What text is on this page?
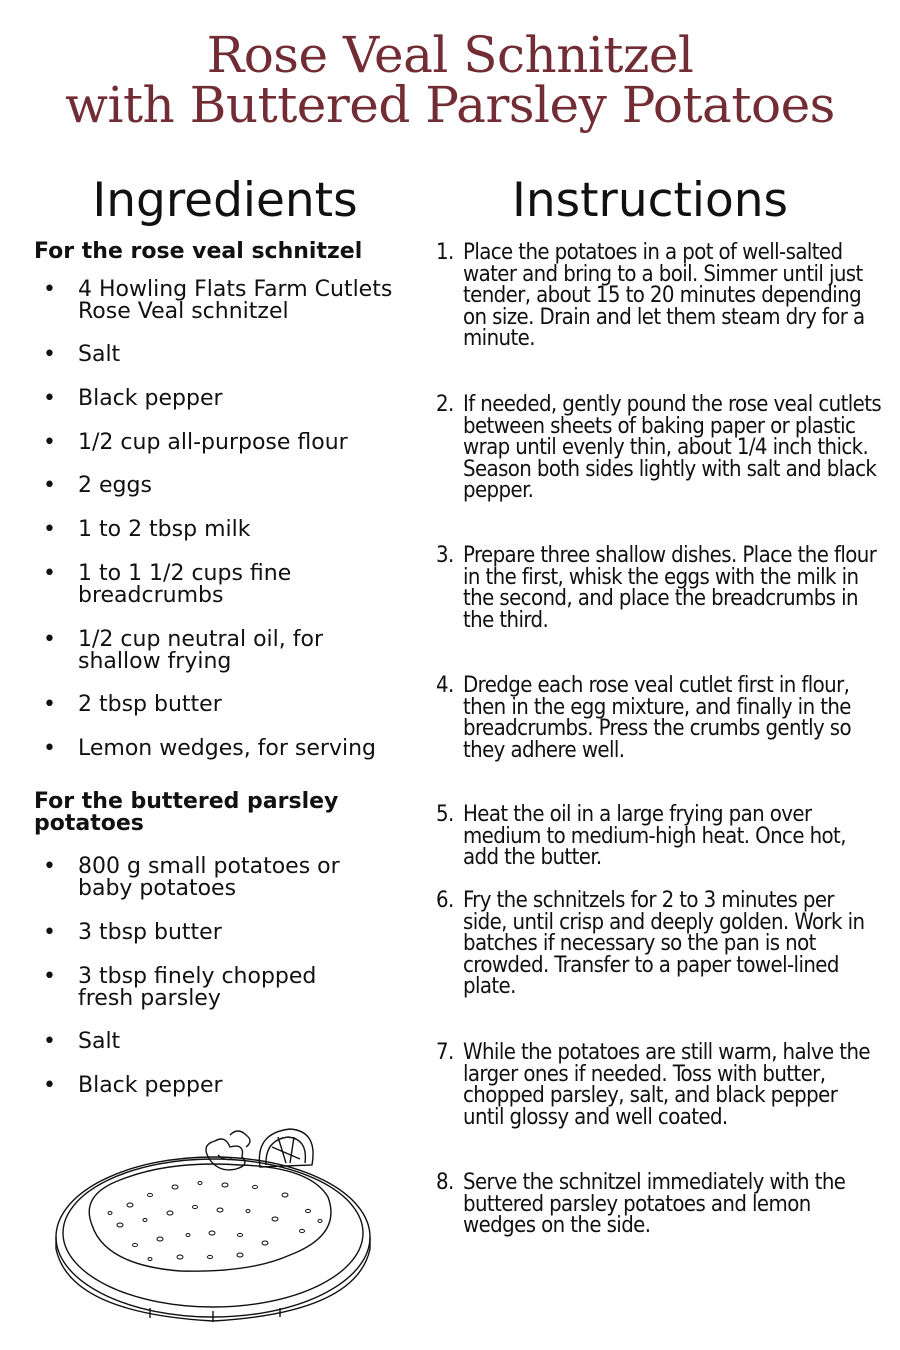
Rose Veal Schnitzel
with Buttered Parsley Potatoes
Ingredients	Instructions
For the rose veal schnitzel
• 4 Howling Flats Farm Cutlets Rose Veal schnitzel
• Salt
• Black pepper
• 1/2 cup all-purpose flour
• 2 eggs
• 1 to 2 tbsp milk
• 1 to 1 1/2 cups fine breadcrumbs
• 1/2 cup neutral oil, for shallow frying
• 2 tbsp butter
• Lemon wedges, for serving
For the buttered parsley potatoes
• 800 g small potatoes or baby potatoes
• 3 tbsp butter
• 3 tbsp finely chopped fresh parsley
• Salt
• Black pepper
1. Place the potatoes in a pot of well-salted water and bring to a boil. Simmer until just tender, about 15 to 20 minutes depending on size. Drain and let them steam dry for a minute.
2. If needed, gently pound the rose veal cutlets between sheets of baking paper or plastic wrap until evenly thin, about 1/4 inch thick. Season both sides lightly with salt and black pepper.
3. Prepare three shallow dishes. Place the flour in the first, whisk the eggs with the milk in the second, and place the breadcrumbs in the third.
4. Dredge each rose veal cutlet first in flour, then in the egg mixture, and finally in the breadcrumbs. Press the crumbs gently so they adhere well.
5. Heat the oil in a large frying pan over medium to medium-high heat. Once hot, add the butter.
6. Fry the schnitzels for 2 to 3 minutes per side, until crisp and deeply golden. Work in batches if necessary so the pan is not crowded. Transfer to a paper towel-lined plate.
7. While the potatoes are still warm, halve the larger ones if needed. Toss with butter, chopped parsley, salt, and black pepper until glossy and well coated.
8. Serve the schnitzel immediately with the buttered parsley potatoes and lemon wedges on the side.
